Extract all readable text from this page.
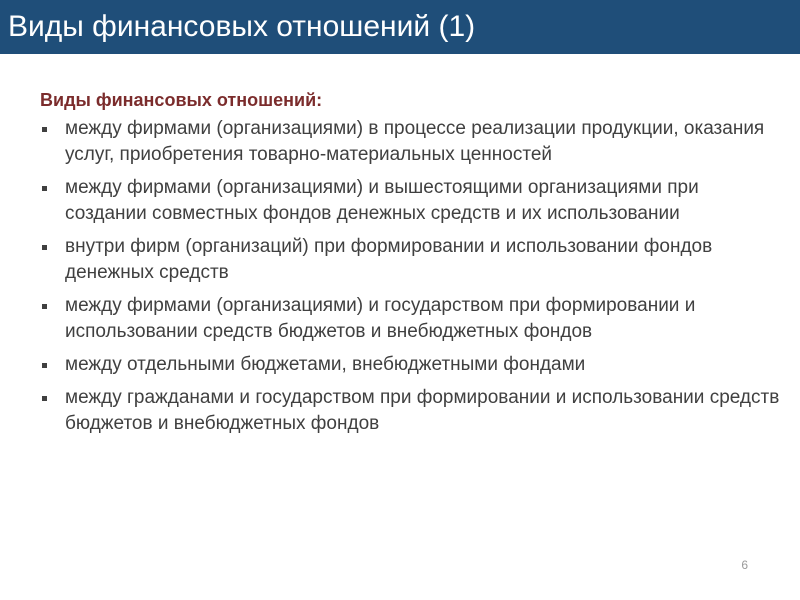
Виды финансовых отношений (1)
Виды финансовых отношений:
между фирмами (организациями) в процессе реализации продукции, оказания услуг, приобретения товарно-материальных ценностей
между фирмами (организациями) и вышестоящими организациями при создании совместных фондов денежных средств и их использовании
внутри фирм (организаций) при формировании и использовании фондов денежных средств
между фирмами (организациями) и государством при формировании и использовании средств бюджетов и внебюджетных фондов
между отдельными бюджетами, внебюджетными фондами
между гражданами и государством при формировании и использовании средств бюджетов и внебюджетных фондов
6
